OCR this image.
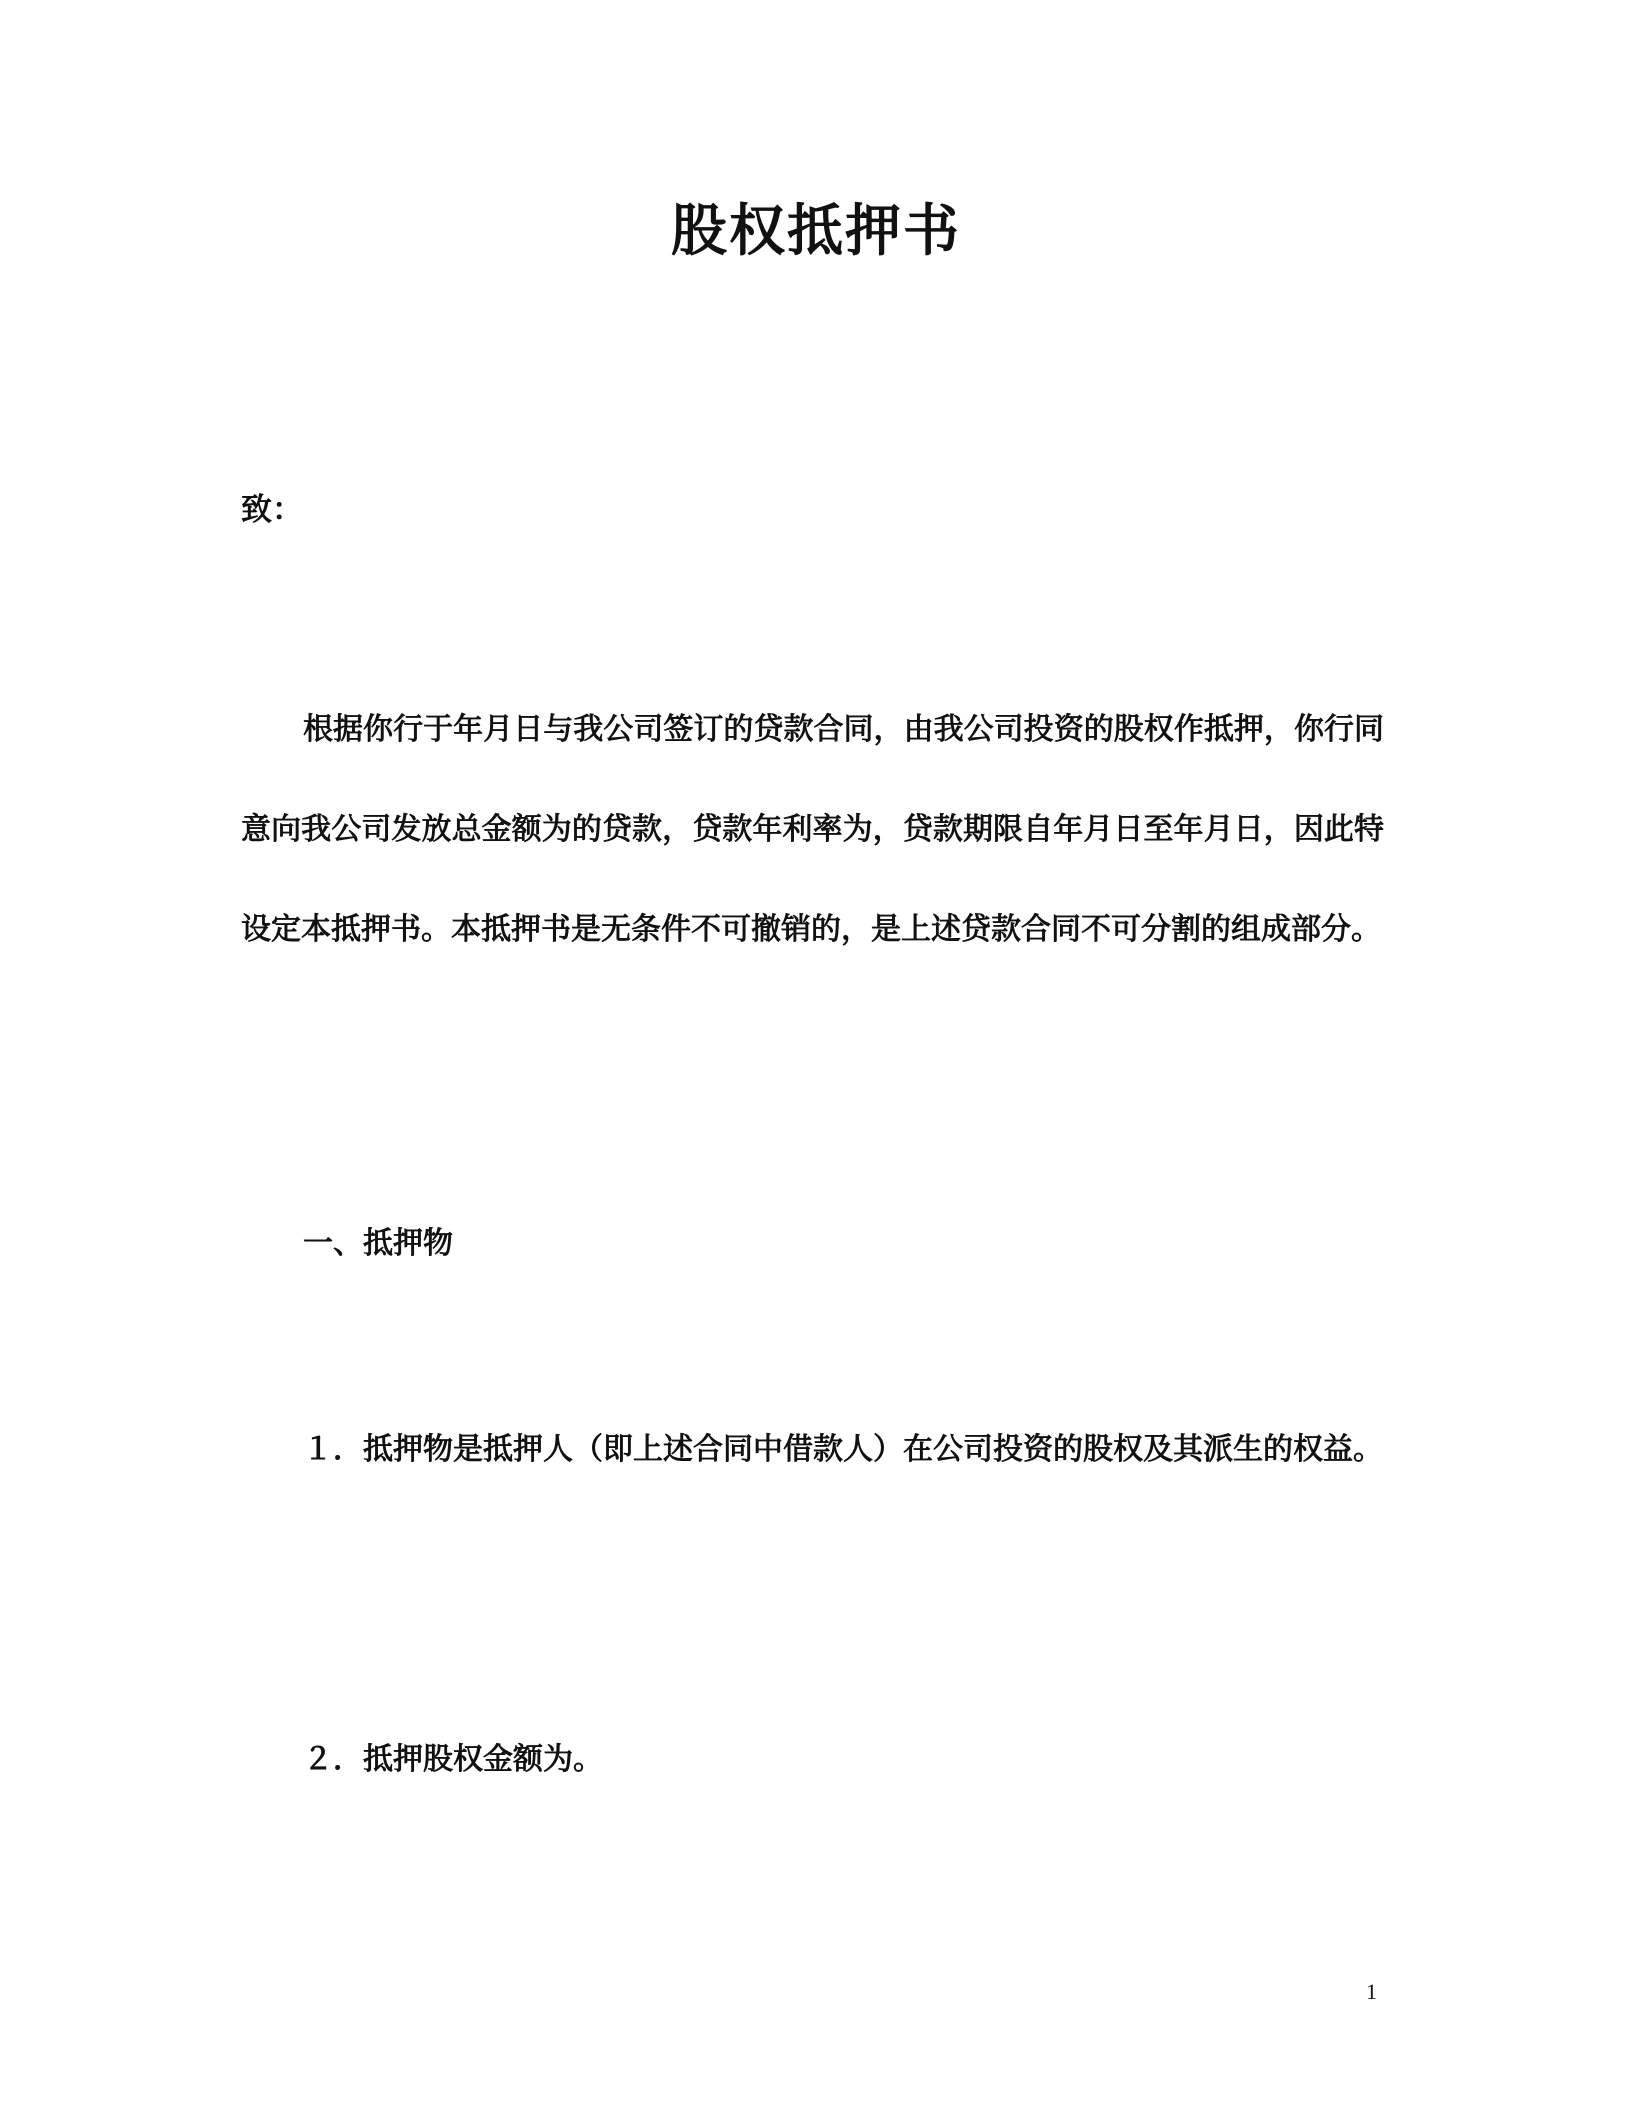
股权抵押书
致：
根据你行于年月日与我公司签订的贷款合同，由我公司投资的股权作抵押，你行同意向我公司发放总金额为的贷款，贷款年利率为，贷款期限自年月日至年月日，因此特设定本抵押书。本抵押书是无条件不可撤销的，是上述贷款合同不可分割的组成部分。
一、抵押物
１．抵押物是抵押人（即上述合同中借款人）在公司投资的股权及其派生的权益。
２．抵押股权金额为。
1
